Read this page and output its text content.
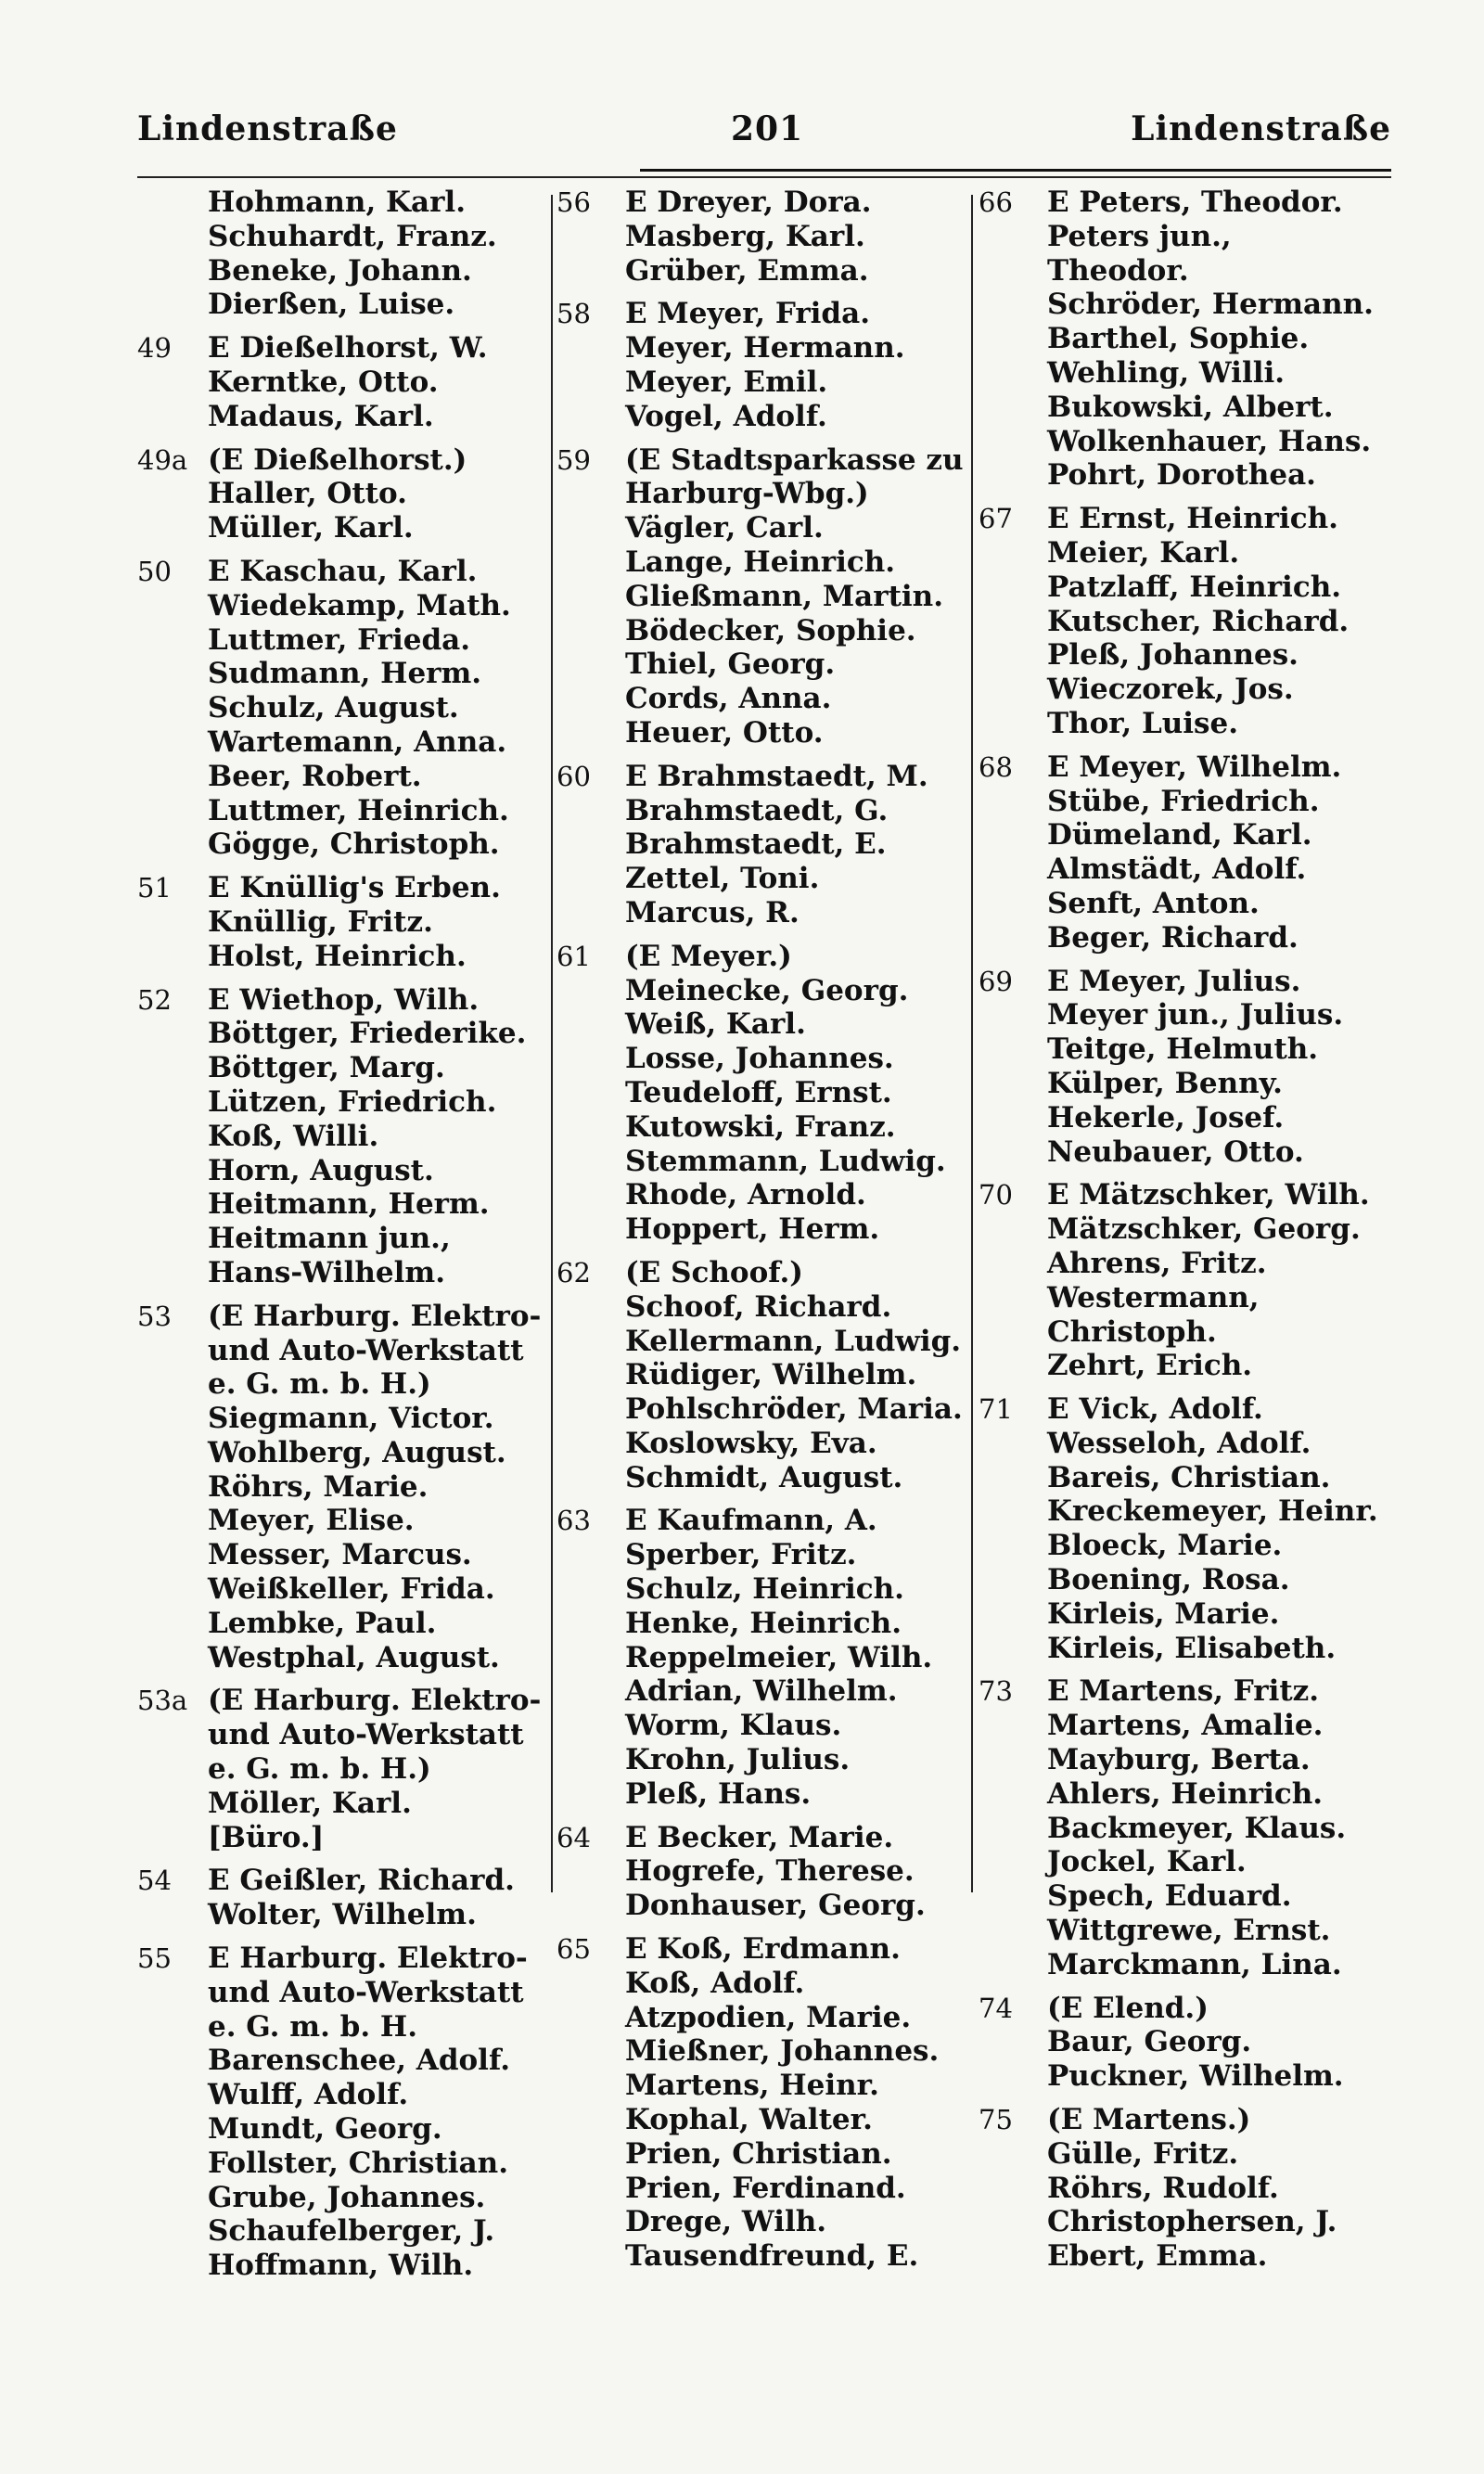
Lindenstraße	201	Lindenstraße
Hohmann, Karl.
Schuhardt, Franz.
Beneke, Johann.
Dierßen, Luise.
49 E Dießelhorst, W.
Kerntke, Otto.
Madaus, Karl.
49a (E Dießelhorst.)
Haller, Otto.
Müller, Karl.
50 E Kaschau, Karl.
Wiedekamp, Math.
Luttmer, Frieda.
Sudmann, Herm.
Schulz, August.
Wartemann, Anna.
Beer, Robert.
Luttmer, Heinrich.
Gögge, Christoph.
51 E Knüllig's Erben.
Knüllig, Fritz.
Holst, Heinrich.
52 E Wiethop, Wilh.
Böttger, Friederike.
Böttger, Marg.
Lützen, Friedrich.
Koß, Willi.
Horn, August.
Heitmann, Herm.
Heitmann jun.,
Hans-Wilhelm.
53 (E Harburg. Elektro-
und Auto-Werkstatt
e. G. m. b. H.)
Siegmann, Victor.
Wohlberg, August.
Röhrs, Marie.
Meyer, Elise.
Messer, Marcus.
Weißkeller, Frida.
Lembke, Paul.
Westphal, August.
53a (E Harburg. Elektro-
und Auto-Werkstatt
e. G. m. b. H.)
Möller, Karl.
[Büro.]
54 E Geißler, Richard.
Wolter, Wilhelm.
55 E Harburg. Elektro-
und Auto-Werkstatt
e. G. m. b. H.
Barenschee, Adolf.
Wulff, Adolf.
Mundt, Georg.
Follster, Christian.
Grube, Johannes.
Schaufelberger, J.
Hoffmann, Wilh.
56 E Dreyer, Dora.
Masberg, Karl.
Grüber, Emma.
58 E Meyer, Frida.
Meyer, Hermann.
Meyer, Emil.
Vogel, Adolf.
59 (E Stadtsparkasse zu
Harburg-Wbg.)
Vägler, Carl.
Lange, Heinrich.
Gließmann, Martin.
Bödecker, Sophie.
Thiel, Georg.
Cords, Anna.
Heuer, Otto.
60 E Brahmstaedt, M.
Brahmstaedt, G.
Brahmstaedt, E.
Zettel, Toni.
Marcus, R.
61 (E Meyer.)
Meinecke, Georg.
Weiß, Karl.
Losse, Johannes.
Teudeloff, Ernst.
Kutowski, Franz.
Stemmann, Ludwig.
Rhode, Arnold.
Hoppert, Herm.
62 (E Schoof.)
Schoof, Richard.
Kellermann, Ludwig.
Rüdiger, Wilhelm.
Pohlschröder, Maria.
Koslowsky, Eva.
Schmidt, August.
63 E Kaufmann, A.
Sperber, Fritz.
Schulz, Heinrich.
Henke, Heinrich.
Reppelmeier, Wilh.
Adrian, Wilhelm.
Worm, Klaus.
Krohn, Julius.
Pleß, Hans.
64 E Becker, Marie.
Hogrefe, Therese.
Donhauser, Georg.
65 E Koß, Erdmann.
Koß, Adolf.
Atzpodien, Marie.
Mießner, Johannes.
Martens, Heinr.
Kophal, Walter.
Prien, Christian.
Prien, Ferdinand.
Drege, Wilh.
Tausendfreund, E.
66 E Peters, Theodor.
Peters jun.,
Theodor.
Schröder, Hermann.
Barthel, Sophie.
Wehling, Willi.
Bukowski, Albert.
Wolkenhauer, Hans.
Pohrt, Dorothea.
67 E Ernst, Heinrich.
Meier, Karl.
Patzlaff, Heinrich.
Kutscher, Richard.
Pleß, Johannes.
Wieczorek, Jos.
Thor, Luise.
68 E Meyer, Wilhelm.
Stübe, Friedrich.
Dümeland, Karl.
Almstädt, Adolf.
Senft, Anton.
Beger, Richard.
69 E Meyer, Julius.
Meyer jun., Julius.
Teitge, Helmuth.
Külper, Benny.
Hekerle, Josef.
Neubauer, Otto.
70 E Mätzschker, Wilh.
Mätzschker, Georg.
Ahrens, Fritz.
Westermann,
Christoph.
Zehrt, Erich.
71 E Vick, Adolf.
Wesseloh, Adolf.
Bareis, Christian.
Kreckemeyer, Heinr.
Bloeck, Marie.
Boening, Rosa.
Kirleis, Marie.
Kirleis, Elisabeth.
73 E Martens, Fritz.
Martens, Amalie.
Mayburg, Berta.
Ahlers, Heinrich.
Backmeyer, Klaus.
Jockel, Karl.
Spech, Eduard.
Wittgrewe, Ernst.
Marckmann, Lina.
74 (E Elend.)
Baur, Georg.
Puckner, Wilhelm.
75 (E Martens.)
Gülle, Fritz.
Röhrs, Rudolf.
Christophersen, J.
Ebert, Emma.
